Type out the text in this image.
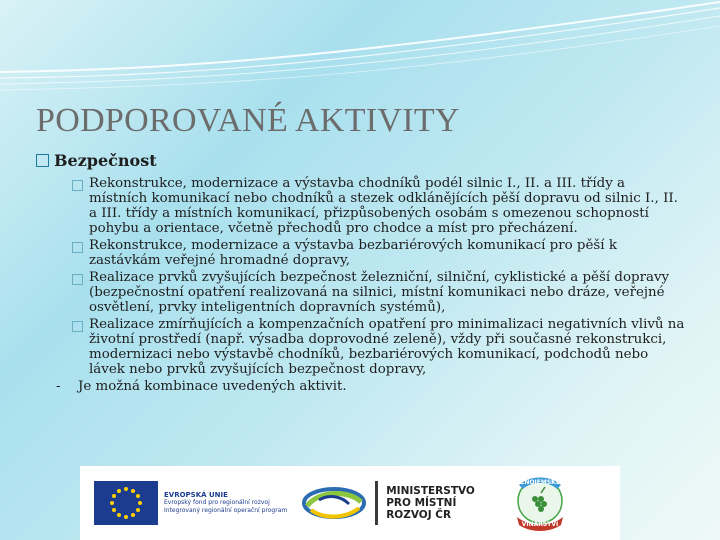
PODPOROVANÉ AKTIVITY
Bezpečnost
Rekonstrukce, modernizace a výstavba chodníků podél silnic I., II. a III. třídy a místních komunikací nebo chodníků a stezek odklánějících pěší dopravu od silnic I., II. a III. třídy a místních komunikací, přizpůsobených osobám s omezenou schopností pohybu a orientace, včetně přechodů pro chodce a míst pro přecházení.
Rekonstrukce, modernizace a výstavba bezbariérových komunikací pro pěší k zastávkám veřejné hromadné dopravy,
Realizace prvků zvyšujících bezpečnost železniční, silniční, cyklistické a pěší dopravy (bezpečnostní opatření realizovaná na silnici, místní komunikaci nebo dráze, veřejné osvětlení, prvky inteligentních dopravních systémů),
Realizace zmírňujících a kompenzačních opatření pro minimalizaci negativních vlivů na životní prostředí (např. výsadba doprovodné zeleně), vždy při současné rekonstrukci, modernizaci nebo výstavbě chodníků, bezbariérových komunikací, podchodů nebo lávek nebo prvků zvyšujících bezpečnost dopravy,
-	Je možná kombinace uvedených aktivit.
EVROPSKÁ UNIE
Evropský fond pro regionální rozvoj
Integrovaný regionální operační program
MINISTERSTVO
PRO MÍSTNÍ
ROZVOJ ČR
ZNOJEMSKÉ
VINAŘSTVÍ
